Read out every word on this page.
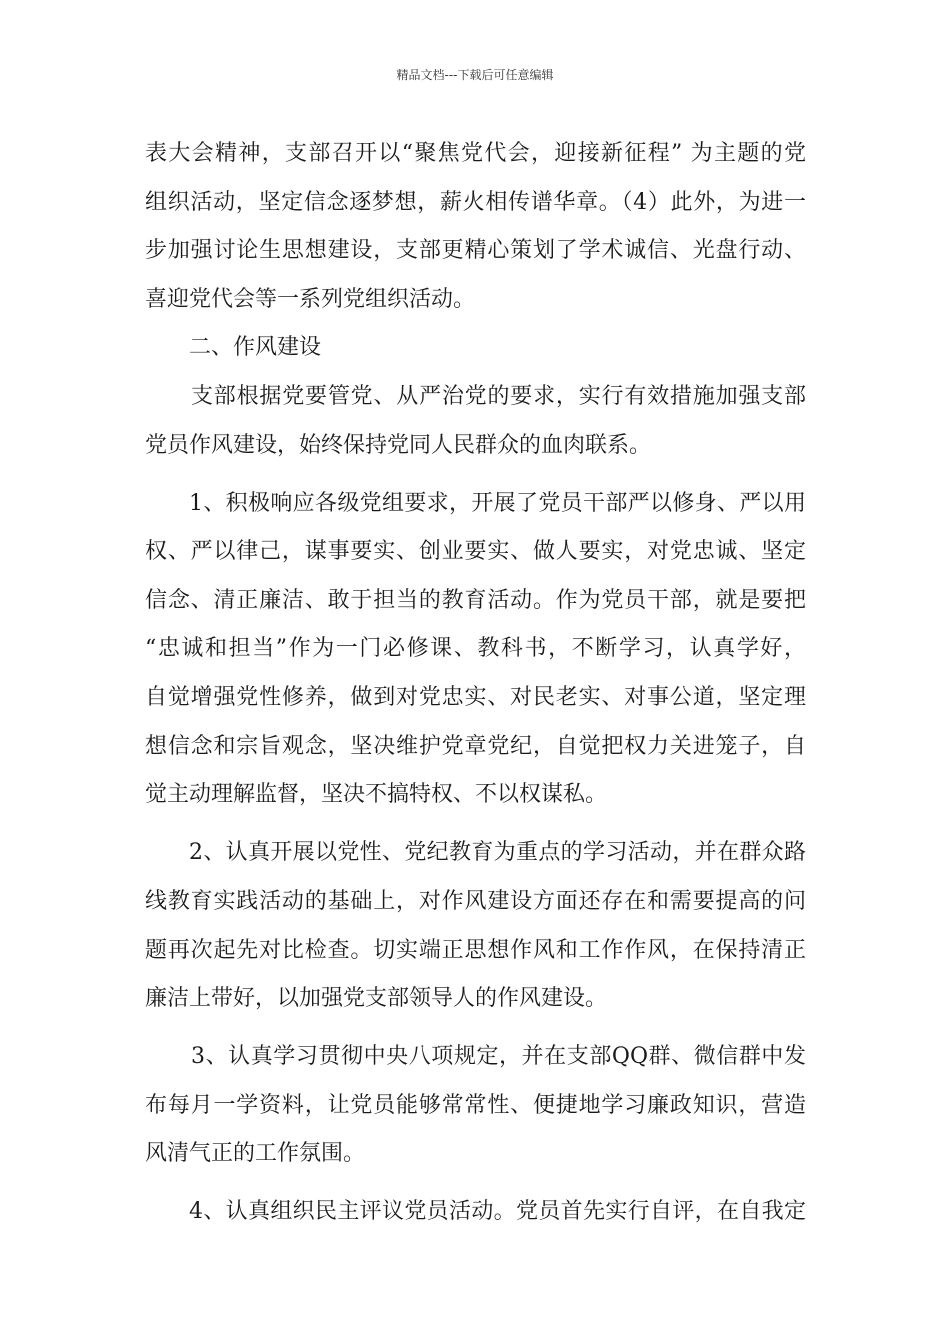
精品文档---下载后可任意编辑
表大会精神，支部召开以“聚焦党代会，迎接新征程” 为主题的党
组织活动，坚定信念逐梦想，薪火相传谱华章。（4）此外，为进一
步加强讨论生思想建设，支部更精心策划了学术诚信、光盘行动、
喜迎党代会等一系列党组织活动。
二、作风建设
支部根据党要管党、从严治党的要求，实行有效措施加强支部
党员作风建设，始终保持党同人民群众的血肉联系。
1、积极响应各级党组要求，开展了党员干部严以修身、严以用
权、严以律己，谋事要实、创业要实、做人要实，对党忠诚、坚定
信念、清正廉洁、敢于担当的教育活动。作为党员干部，就是要把
“忠诚和担当”作为一门必修课、教科书，不断学习，认真学好，
自觉增强党性修养，做到对党忠实、对民老实、对事公道，坚定理
想信念和宗旨观念，坚决维护党章党纪，自觉把权力关进笼子，自
觉主动理解监督，坚决不搞特权、不以权谋私。
2、认真开展以党性、党纪教育为重点的学习活动，并在群众路
线教育实践活动的基础上，对作风建设方面还存在和需要提高的问
题再次起先对比检查。切实端正思想作风和工作作风，在保持清正
廉洁上带好，以加强党支部领导人的作风建设。
3、认真学习贯彻中央八项规定，并在支部QQ群、微信群中发
布每月一学资料，让党员能够常常性、便捷地学习廉政知识，营造
风清气正的工作氛围。
4、认真组织民主评议党员活动。党员首先实行自评，在自我定
